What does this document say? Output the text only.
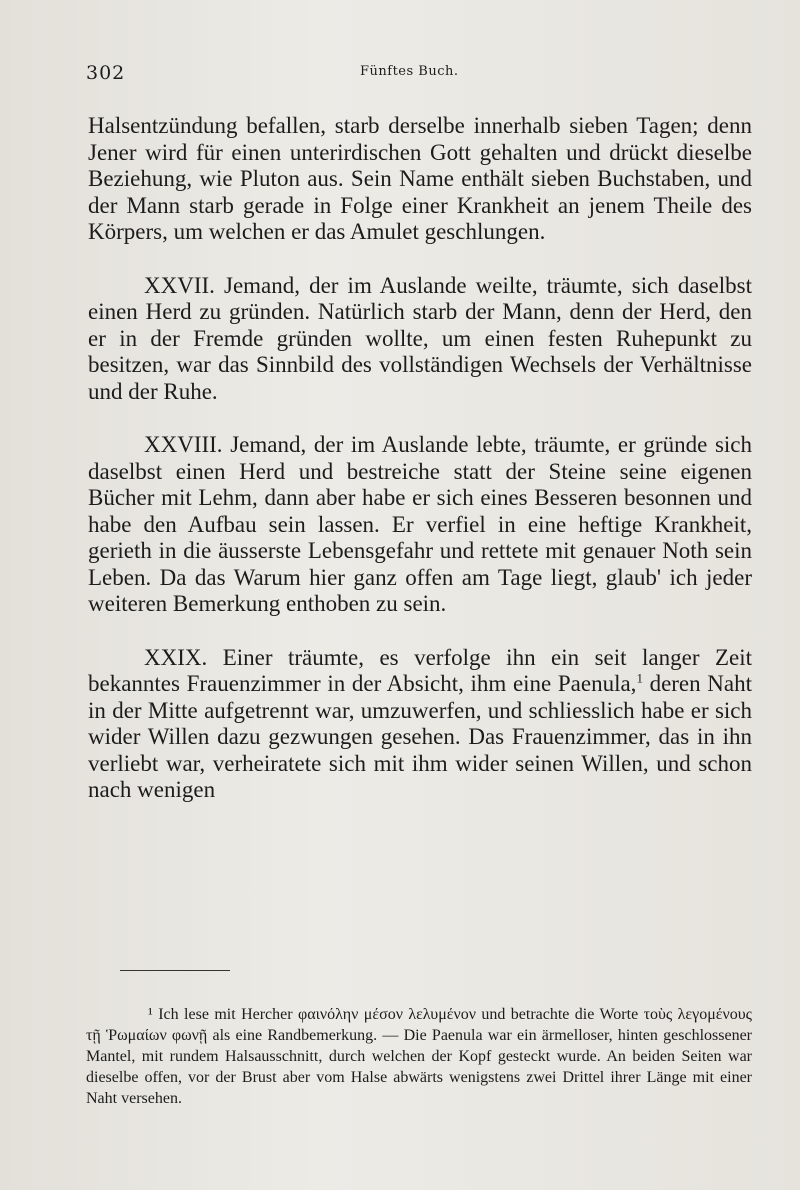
302	Fünftes Buch.

Halsentzündung befallen, starb derselbe innerhalb sieben Tagen; denn Jener wird für einen unterirdischen Gott gehalten und drückt dieselbe Beziehung, wie Pluton aus. Sein Name enthält sieben Buchstaben, und der Mann starb gerade in Folge einer Krankheit an jenem Theile des Körpers, um welchen er das Amulet geschlungen.

XXVII. Jemand, der im Auslande weilte, träumte, sich daselbst einen Herd zu gründen. Natürlich starb der Mann, denn der Herd, den er in der Fremde gründen wollte, um einen festen Ruhepunkt zu besitzen, war das Sinnbild des vollständigen Wechsels der Verhältnisse und der Ruhe.

XXVIII. Jemand, der im Auslande lebte, träumte, er gründe sich daselbst einen Herd und bestreiche statt der Steine seine eigenen Bücher mit Lehm, dann aber habe er sich eines Besseren besonnen und habe den Aufbau sein lassen. Er verfiel in eine heftige Krankheit, gerieth in die äusserste Lebensgefahr und rettete mit genauer Noth sein Leben. Da das Warum hier ganz offen am Tage liegt, glaub' ich jeder weiteren Bemerkung enthoben zu sein.

XXIX. Einer träumte, es verfolge ihn ein seit langer Zeit bekanntes Frauenzimmer in der Absicht, ihm eine Paenula,$^1$ deren Naht in der Mitte aufgetrennt war, umzuwerfen, und schliesslich habe er sich wider Willen dazu gezwungen gesehen. Das Frauenzimmer, das in ihn verliebt war, verheiratete sich mit ihm wider seinen Willen, und schon nach wenigen

¹ Ich lese mit Hercher φαινόλην μέσον λελυμένον und betrachte die Worte τοὺς λεγομένους τῇ Ῥωμαίων φωνῇ als eine Randbemerkung. — Die Paenula war ein ärmelloser, hinten geschlossener Mantel, mit rundem Halsausschnitt, durch welchen der Kopf gesteckt wurde. An beiden Seiten war dieselbe offen, vor der Brust aber vom Halse abwärts wenigstens zwei Drittel ihrer Länge mit einer Naht versehen.
